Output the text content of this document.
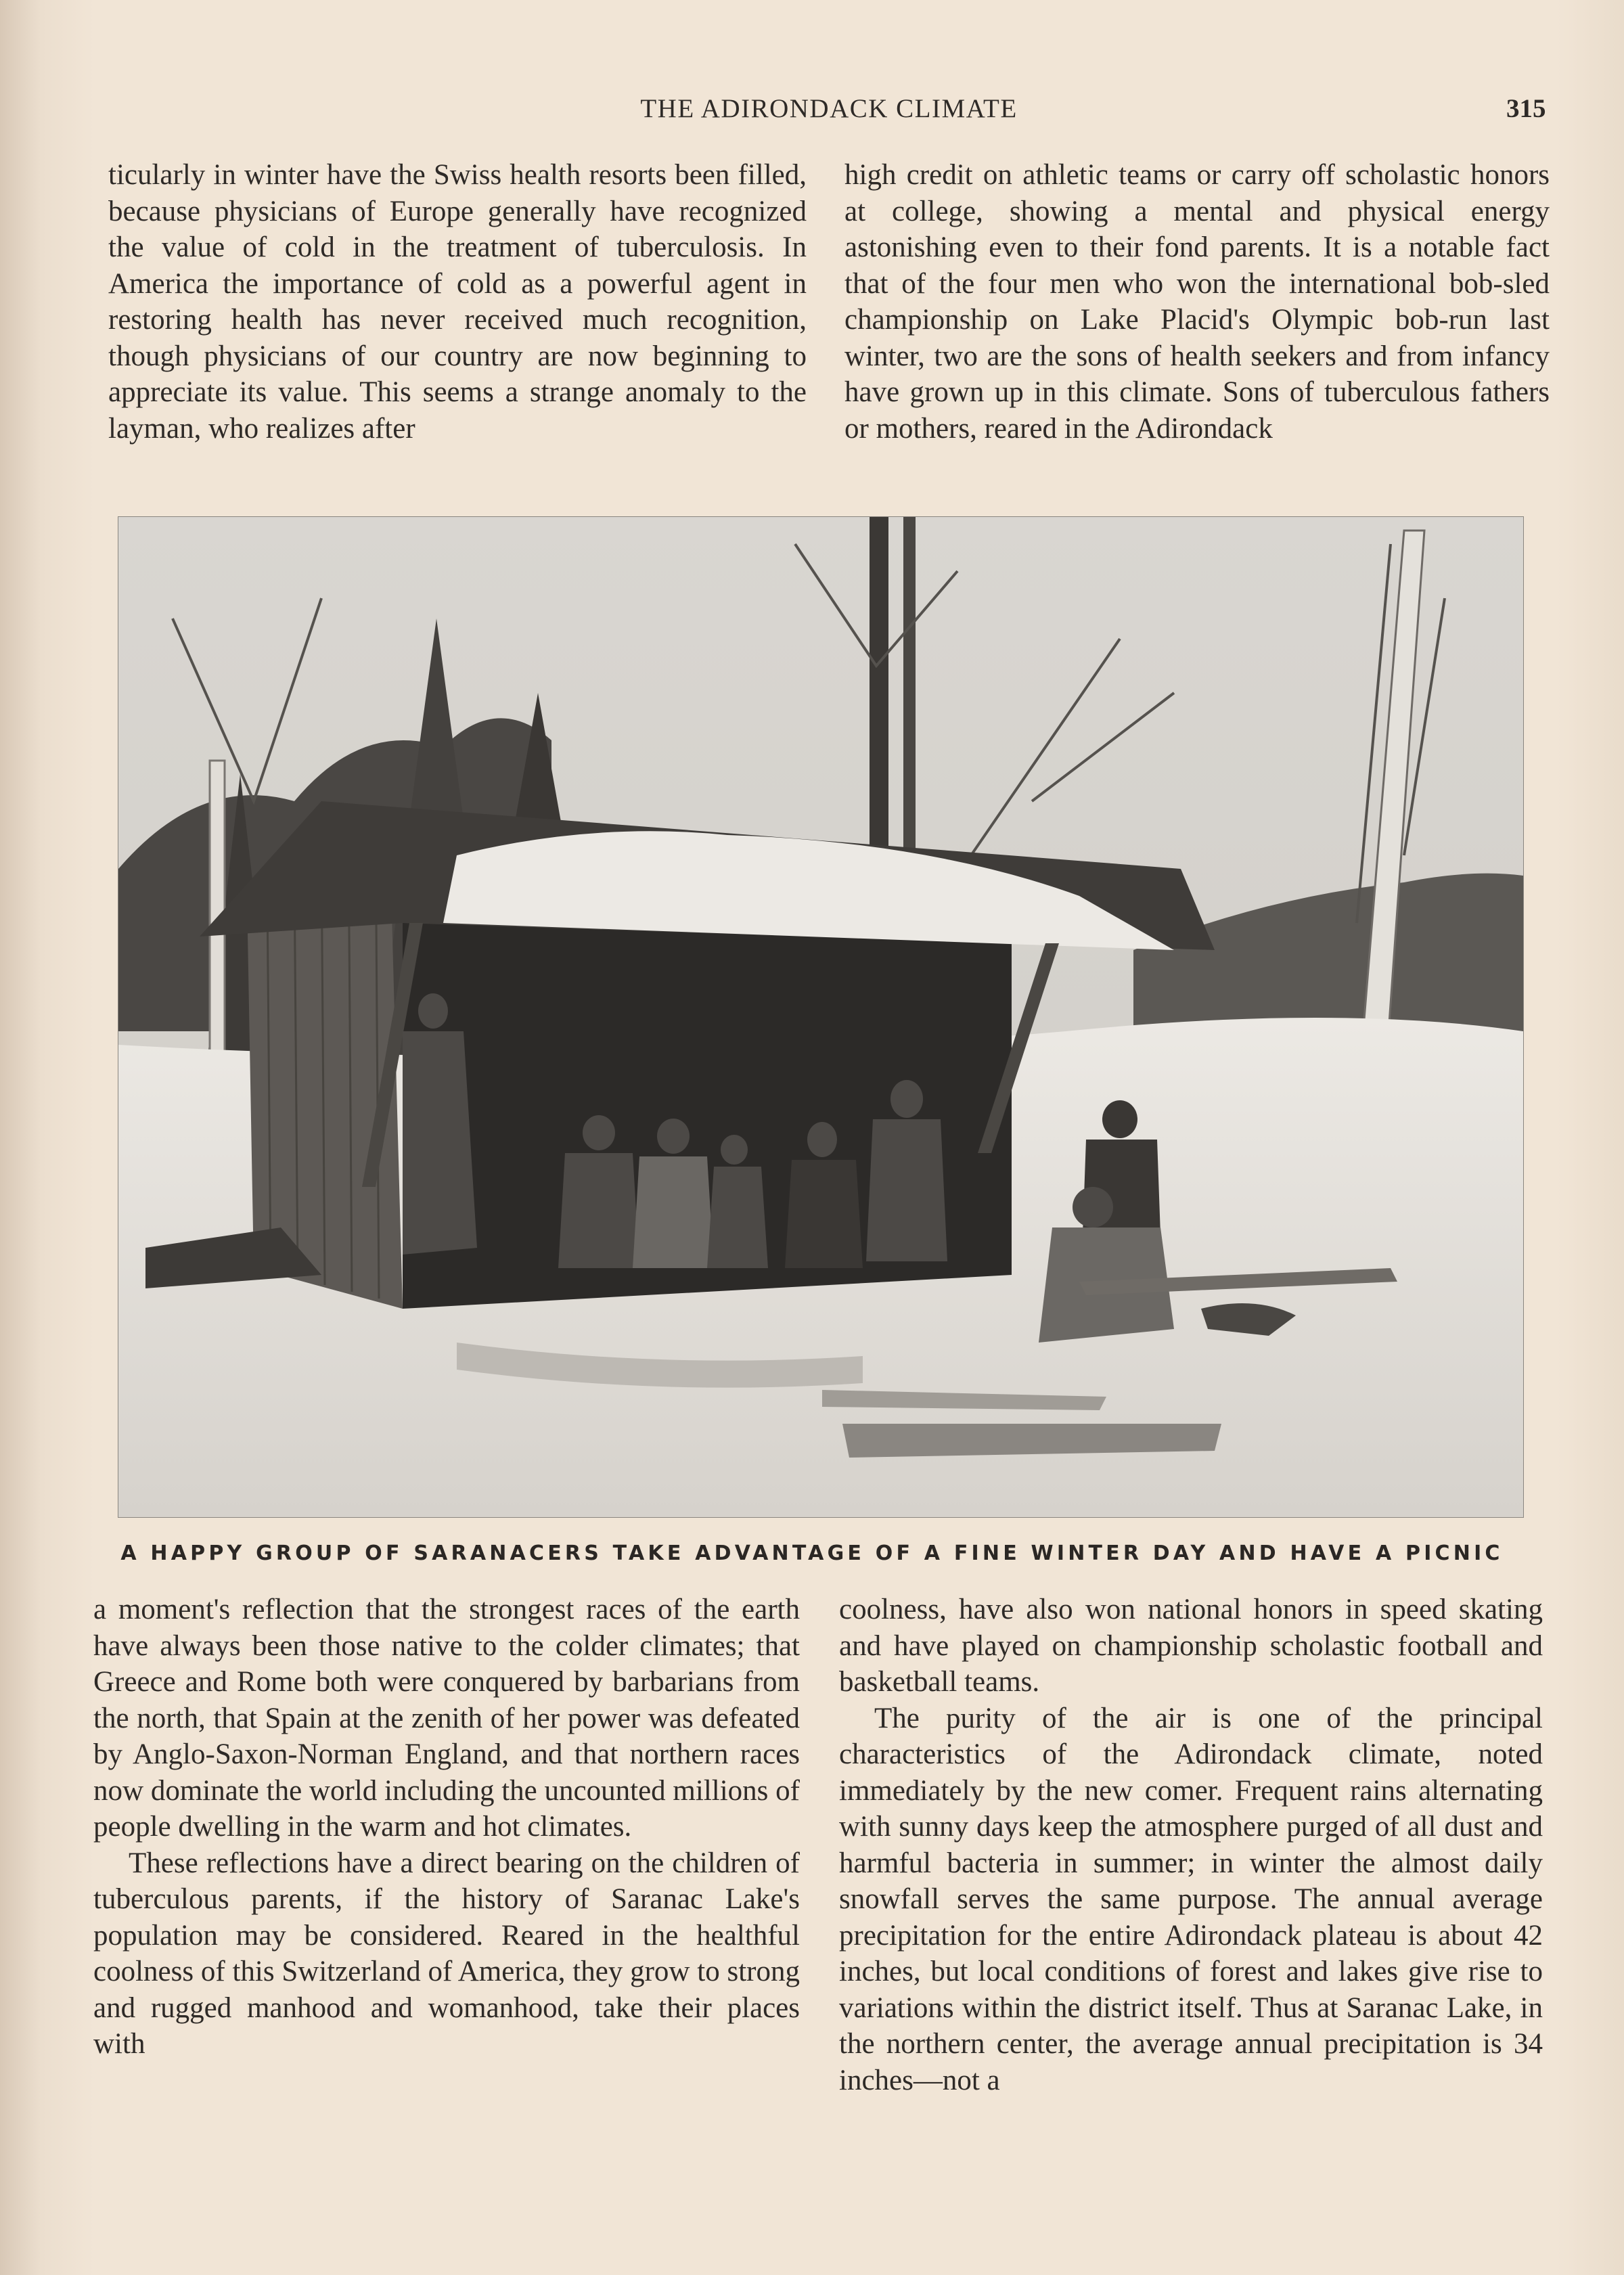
THE ADIRONDACK CLIMATE	315

ticularly in winter have the Swiss health resorts been filled, because physicians of Europe generally have recognized the value of cold in the treatment of tuberculosis. In America the importance of cold as a powerful agent in restoring health has never received much recognition, though physicians of our country are now beginning to appreciate its value. This seems a strange anomaly to the layman, who realizes after

high credit on athletic teams or carry off scholastic honors at college, showing a mental and physical energy astonishing even to their fond parents. It is a notable fact that of the four men who won the international bob-sled championship on Lake Placid's Olympic bob-run last winter, two are the sons of health seekers and from infancy have grown up in this climate. Sons of tuberculous fathers or mothers, reared in the Adirondack

A HAPPY GROUP OF SARANACERS TAKE ADVANTAGE OF A FINE WINTER DAY AND HAVE A PICNIC

a moment's reflection that the strongest races of the earth have always been those native to the colder climates; that Greece and Rome both were conquered by barbarians from the north, that Spain at the zenith of her power was defeated by Anglo-Saxon-Norman England, and that northern races now dominate the world including the uncounted millions of people dwelling in the warm and hot climates.

These reflections have a direct bearing on the children of tuberculous parents, if the history of Saranac Lake's population may be considered. Reared in the healthful coolness of this Switzerland of America, they grow to strong and rugged manhood and womanhood, take their places with

coolness, have also won national honors in speed skating and have played on championship scholastic football and basketball teams.

The purity of the air is one of the principal characteristics of the Adirondack climate, noted immediately by the new comer. Frequent rains alternating with sunny days keep the atmosphere purged of all dust and harmful bacteria in summer; in winter the almost daily snowfall serves the same purpose. The annual average precipitation for the entire Adirondack plateau is about 42 inches, but local conditions of forest and lakes give rise to variations within the district itself. Thus at Saranac Lake, in the northern center, the average annual precipitation is 34 inches—not a
